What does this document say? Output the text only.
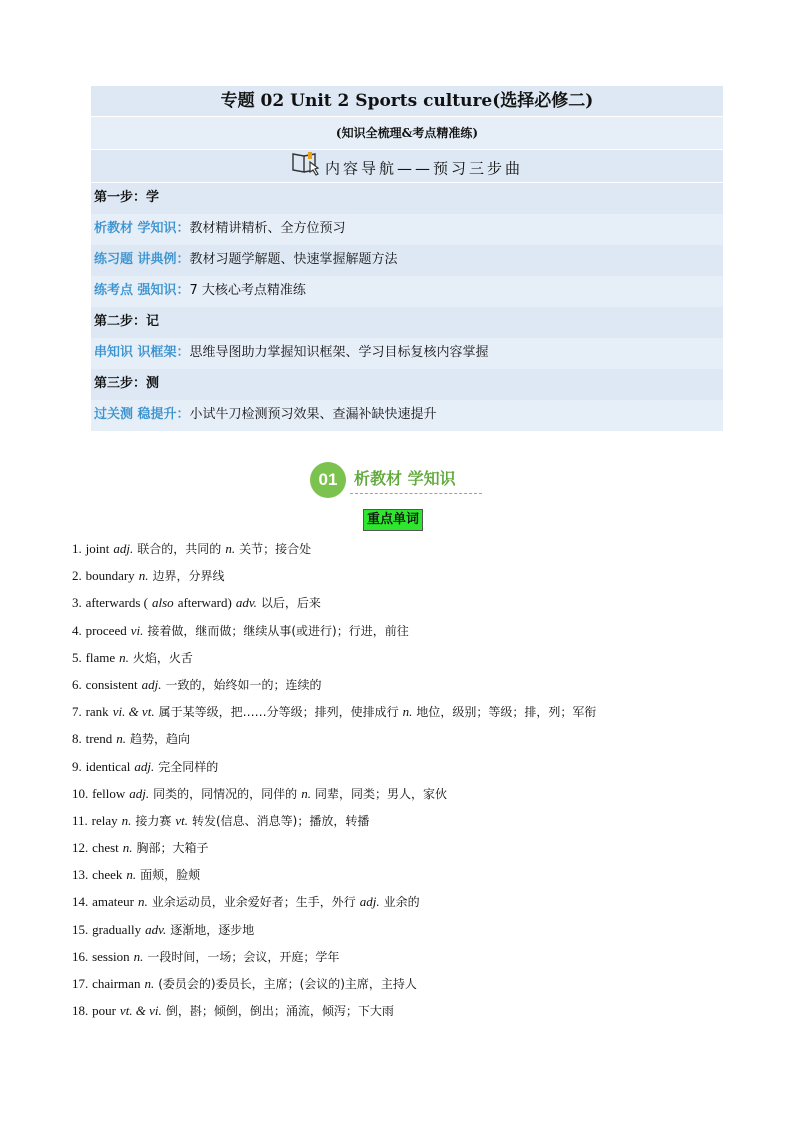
专题 02 Unit 2 Sports culture(选择必修二)
(知识全梳理&考点精准练)
内容导航——预习三步曲
第一步：学
析教材 学知识：教材精讲精析、全方位预习
练习题 讲典例：教材习题学解题、快速掌握解题方法
练考点 强知识：7 大核心考点精准练
第二步：记
串知识 识框架：思维导图助力掌握知识框架、学习目标复核内容掌握
第三步：测
过关测 稳提升：小试牛刀检测预习效果、查漏补缺快速提升
01	析教材 学知识
重点单词
1. joint adj. 联合的，共同的 n. 关节；接合处
2. boundary n. 边界，分界线
3. afterwards ( also afterward) adv. 以后，后来
4. proceed vi. 接着做，继而做；继续从事(或进行)；行进，前往
5. flame n. 火焰，火舌
6. consistent adj. 一致的，始终如一的；连续的
7. rank vi. & vt. 属于某等级，把……分等级；排列，使排成行 n. 地位，级别；等级；排，列；军衔
8. trend n. 趋势，趋向
9. identical adj. 完全同样的
10. fellow adj. 同类的，同情况的，同伴的 n. 同辈，同类；男人，家伙
11. relay n. 接力赛 vt. 转发(信息、消息等)；播放，转播
12. chest n. 胸部；大箱子
13. cheek n. 面颊，脸颊
14. amateur n. 业余运动员，业余爱好者；生手，外行 adj. 业余的
15. gradually adv. 逐渐地，逐步地
16. session n. 一段时间，一场；会议，开庭；学年
17. chairman n. (委员会的)委员长，主席；(会议的)主席，主持人
18. pour vt. & vi. 倒，斟；倾倒，倒出；涌流，倾泻；下大雨
